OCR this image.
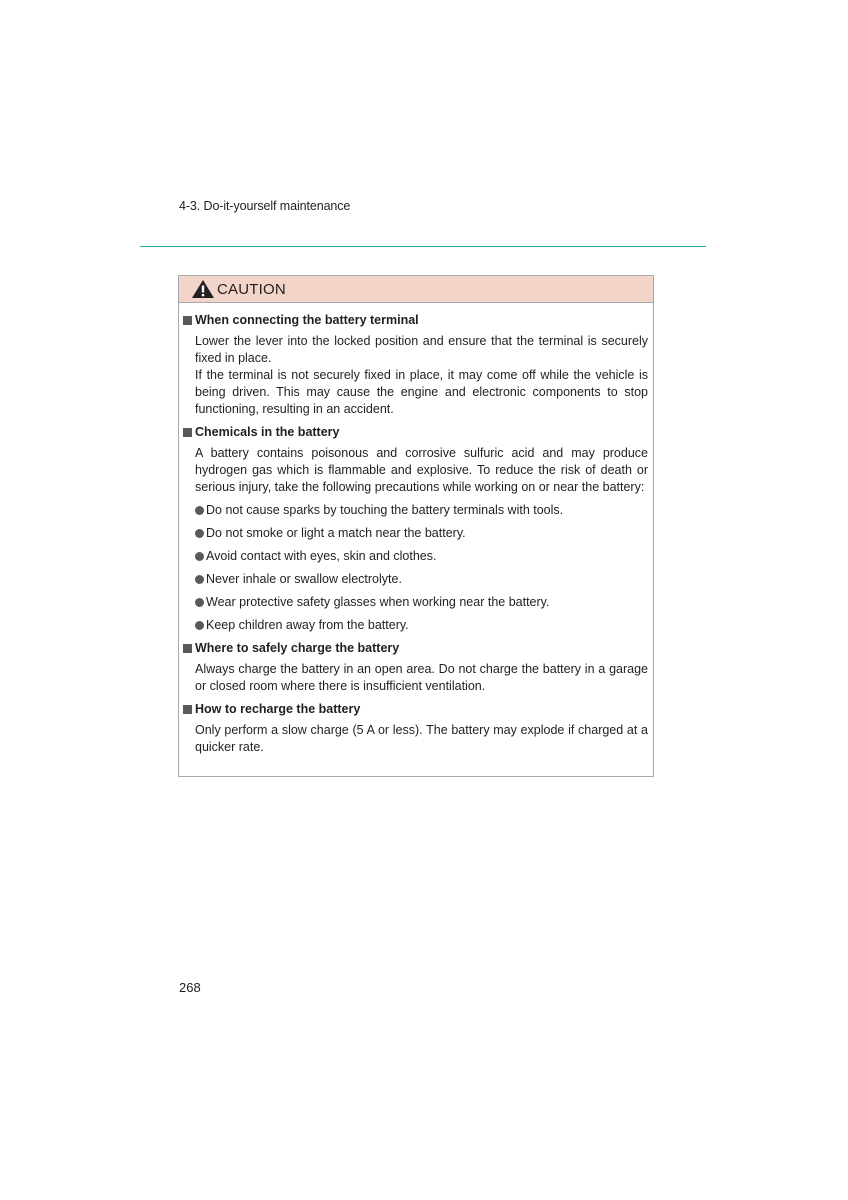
4-3. Do-it-yourself maintenance
CAUTION
When connecting the battery terminal

Lower the lever into the locked position and ensure that the terminal is securely fixed in place.

If the terminal is not securely fixed in place, it may come off while the vehicle is being driven. This may cause the engine and electronic components to stop functioning, resulting in an accident.

Chemicals in the battery

A battery contains poisonous and corrosive sulfuric acid and may produce hydrogen gas which is flammable and explosive. To reduce the risk of death or serious injury, take the following precautions while working on or near the battery:

Do not cause sparks by touching the battery terminals with tools.
Do not smoke or light a match near the battery.
Avoid contact with eyes, skin and clothes.
Never inhale or swallow electrolyte.
Wear protective safety glasses when working near the battery.
Keep children away from the battery.
Where to safely charge the battery

Always charge the battery in an open area. Do not charge the battery in a garage or closed room where there is insufficient ventilation.

How to recharge the battery

Only perform a slow charge (5 A or less). The battery may explode if charged at a quicker rate.

268
